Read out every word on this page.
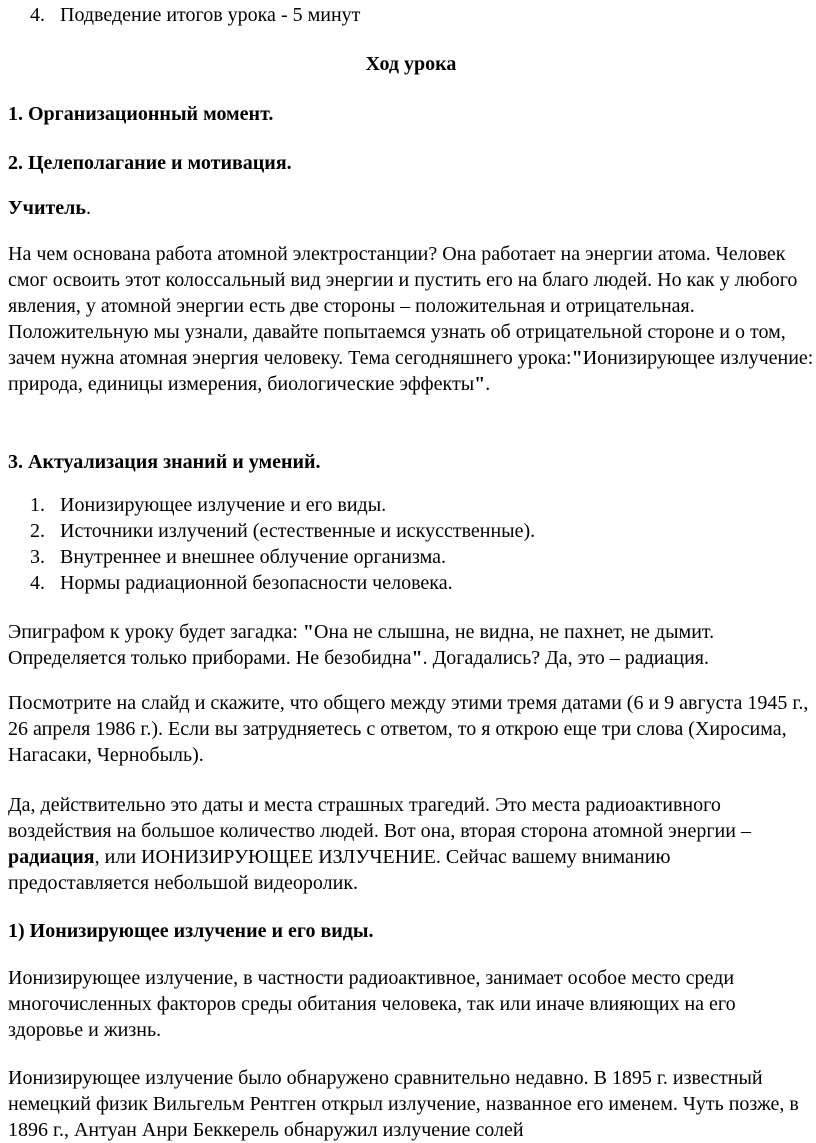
4. Подведение итогов урока - 5 минут
Ход урока
1. Организационный момент.
2. Целеполагание и мотивация.
Учитель.

На чем основана работа атомной электростанции? Она работает на энергии атома. Человек смог освоить этот колоссальный вид энергии и пустить его на благо людей. Но как у любого явления, у атомной энергии есть две стороны – положительная и отрицательная. Положительную мы узнали, давайте попытаемся узнать об отрицательной стороне и о том, зачем нужна атомная энергия человеку. Тема сегодняшнего урока:"Ионизирующее излучение: природа, единицы измерения, биологические эффекты".

3. Актуализация знаний и умений.
1. Ионизирующее излучение и его виды.
2. Источники излучений (естественные и искусственные).
3. Внутреннее и внешнее облучение организма.
4. Нормы радиационной безопасности человека.

Эпиграфом к уроку будет загадка: "Она не слышна, не видна, не пахнет, не дымит. Определяется только приборами. Не безобидна". Догадались? Да, это – радиация.

Посмотрите на слайд и скажите, что общего между этими тремя датами (6 и 9 августа 1945 г., 26 апреля 1986 г.). Если вы затрудняетесь с ответом, то я открою еще три слова (Хиросима, Нагасаки, Чернобыль).

Да, действительно это даты и места страшных трагедий. Это места радиоактивного воздействия на большое количество людей. Вот она, вторая сторона атомной энергии – радиация, или ИОНИЗИРУЮЩЕЕ ИЗЛУЧЕНИЕ. Сейчас вашему вниманию предоставляется небольшой видеоролик.

1) Ионизирующее излучение и его виды.

Ионизирующее излучение, в частности радиоактивное, занимает особое место среди многочисленных факторов среды обитания человека, так или иначе влияющих на его здоровье и жизнь.

Ионизирующее излучение было обнаружено сравнительно недавно. В 1895 г. известный немецкий физик Вильгельм Рентген открыл излучение, названное его именем. Чуть позже, в 1896 г., Антуан Анри Беккерель обнаружил излучение солей
